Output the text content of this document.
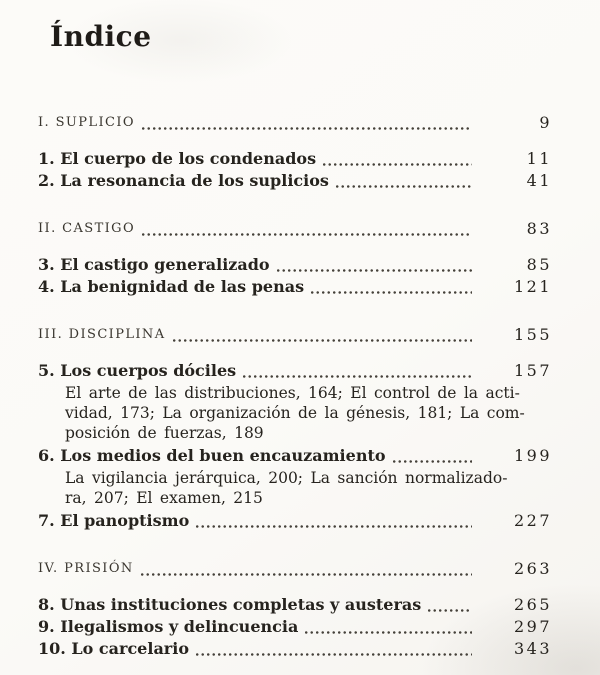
Índice
I. SUPLICIO	9
1. El cuerpo de los condenados	11
2. La resonancia de los suplicios	41
II. CASTIGO	83
3. El castigo generalizado	85
4. La benignidad de las penas	121
III. DISCIPLINA	155
5. Los cuerpos dóciles	157
El arte de las distribuciones, 164; El control de la acti-
vidad, 173; La organización de la génesis, 181; La com-
posición de fuerzas, 189
6. Los medios del buen encauzamiento	199
La vigilancia jerárquica, 200; La sanción normalizado-
ra, 207; El examen, 215
7. El panoptismo	227
IV. PRISIÓN	263
8. Unas instituciones completas y austeras	265
9. Ilegalismos y delincuencia	297
10. Lo carcelario	343
